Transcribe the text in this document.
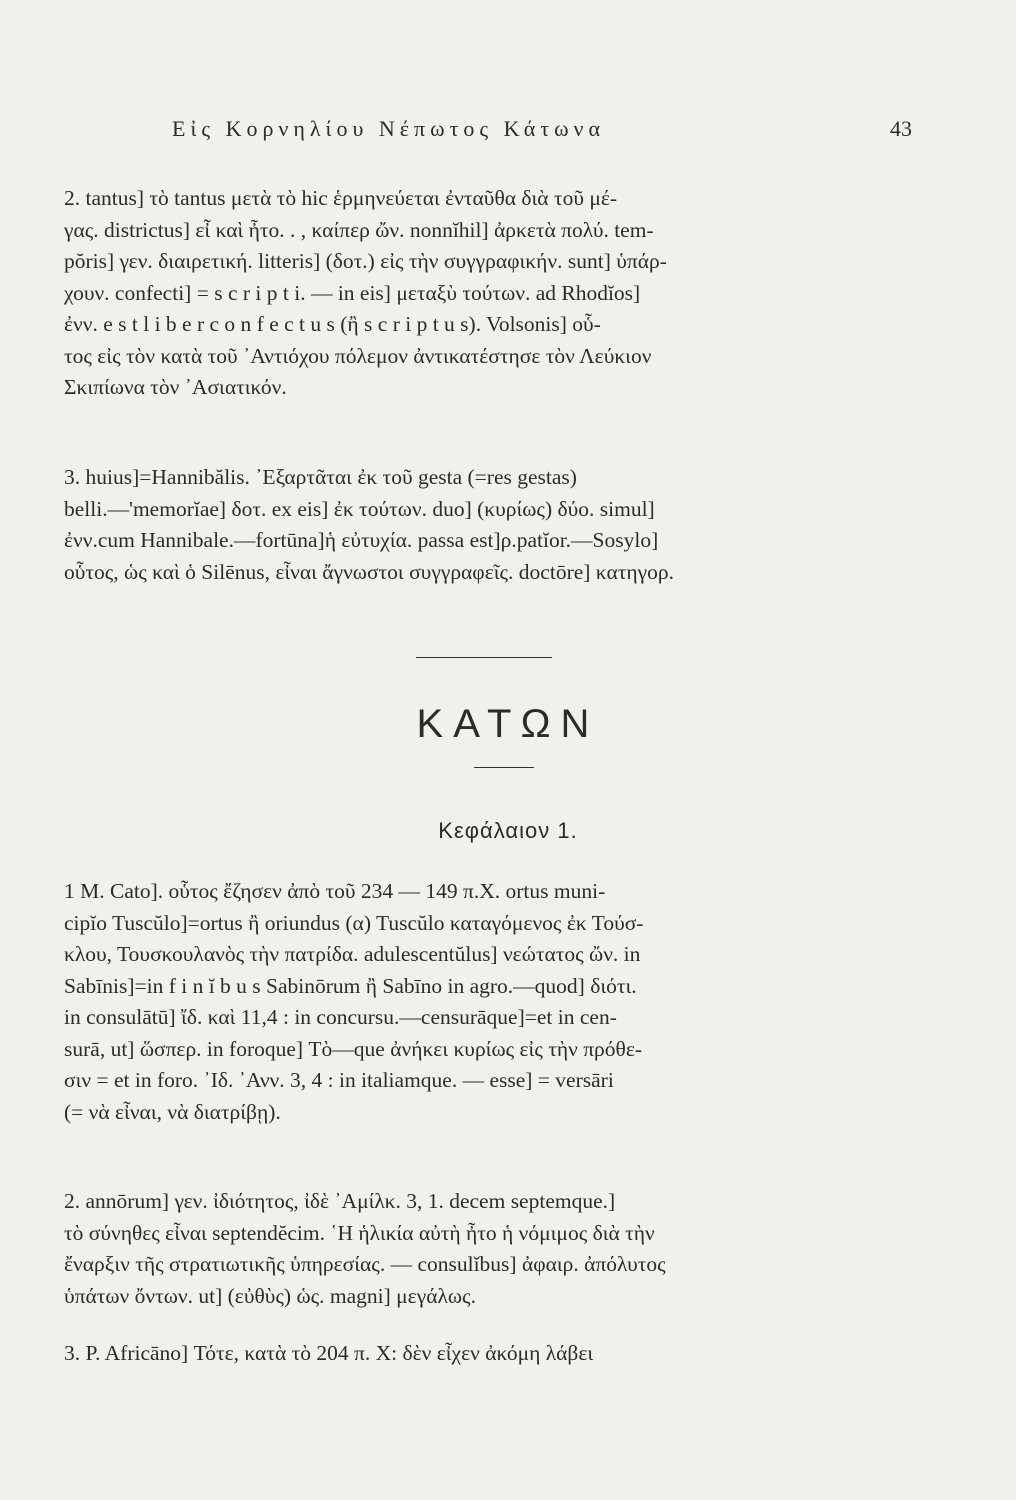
Εἰς Κορνηλίου Νέπωτος Κάτωνα	43
2. tantus] τὸ tantus μετὰ τὸ hic ἑρμηνεύεται ἐνταῦθα διὰ τοῦ μέ-
γας. districtus] εἶ καὶ ἦτο. . , καίπερ ὤν. nonnĭhil] ἀρκετὰ πολύ. tem-
pŏris] γεν. διαιρετική. litteris] (δοτ.) εἰς τὴν συγγραφικήν. sunt] ὑπάρ-
χουν. confecti] = s c r i p t i. — in eis] μεταξὺ τούτων. ad Rhodĭos]
ἐνν. e s t l i b e r c o n f e c t u s (ἢ s c r i p t u s). Volsonis] οὗ-
τος εἰς τὸν κατὰ τοῦ ᾿Αντιόχου πόλεμον ἀντικατέστησε τὸν Λεύκιον
Σκιπίωνα τὸν ᾿Ασιατικόν.
3. huius]=Hannibălis. ᾿Εξαρτᾶται ἐκ τοῦ gesta (=res gestas)
belli.—'memorĭae] δοτ. ex eis] ἐκ τούτων. duo] (κυρίως) δύο. simul]
ἐνν.cum Hannibale.—fortūna]ἡ εὐτυχία. passa est]ρ.patĭor.—Sosylo]
οὗτος, ὡς καὶ ὁ Silēnus, εἶναι ἄγνωστοι συγγραφεῖς. doctōre] κατηγορ.
ΚΑΤΩΝ
Κεφάλαιον 1.
1 M. Cato]. οὗτος ἔζησεν ἀπὸ τοῦ 234 — 149 π.Χ. ortus muni-
cipĭo Tuscŭlo]=ortus ἢ oriundus (α) Tuscŭlo καταγόμενος ἐκ Τούσ-
κλου, Τουσκουλανὸς τὴν πατρίδα. adulescentŭlus] νεώτατος ὤν. in
Sabīnis]=in f i n ĭ b u s Sabinōrum ἢ Sabīno in agro.—quod] διότι.
in consulātū] ἴδ. καὶ 11,4 : in concursu.—censurāque]=et in cen-
surā, ut] ὥσπερ. in foroque] Τὸ—que ἀνήκει κυρίως εἰς τὴν πρόθε-
σιν = et in foro. ᾿Ιδ. ᾿Ανν. 3, 4 : in italiamque. — esse] = versāri
(= νὰ εἶναι, νὰ διατρίβῃ).
2. annōrum] γεν. ἰδιότητος, ἰδὲ ᾿Αμίλκ. 3, 1. decem septemque.]
τὸ σύνηθες εἶναι septendĕcim. ῾Η ἡλικία αὐτὴ ἦτο ἡ νόμιμος διὰ τὴν
ἔναρξιν τῆς στρατιωτικῆς ὑπηρεσίας. — consulĭbus] ἀφαιρ. ἀπόλυτος
ὑπάτων ὄντων. ut] (εὐθὺς) ὡς. magni] μεγάλως.
3. P. Africāno] Τότε, κατὰ τὸ 204 π. Χ: δὲν εἶχεν ἀκόμη λάβει
